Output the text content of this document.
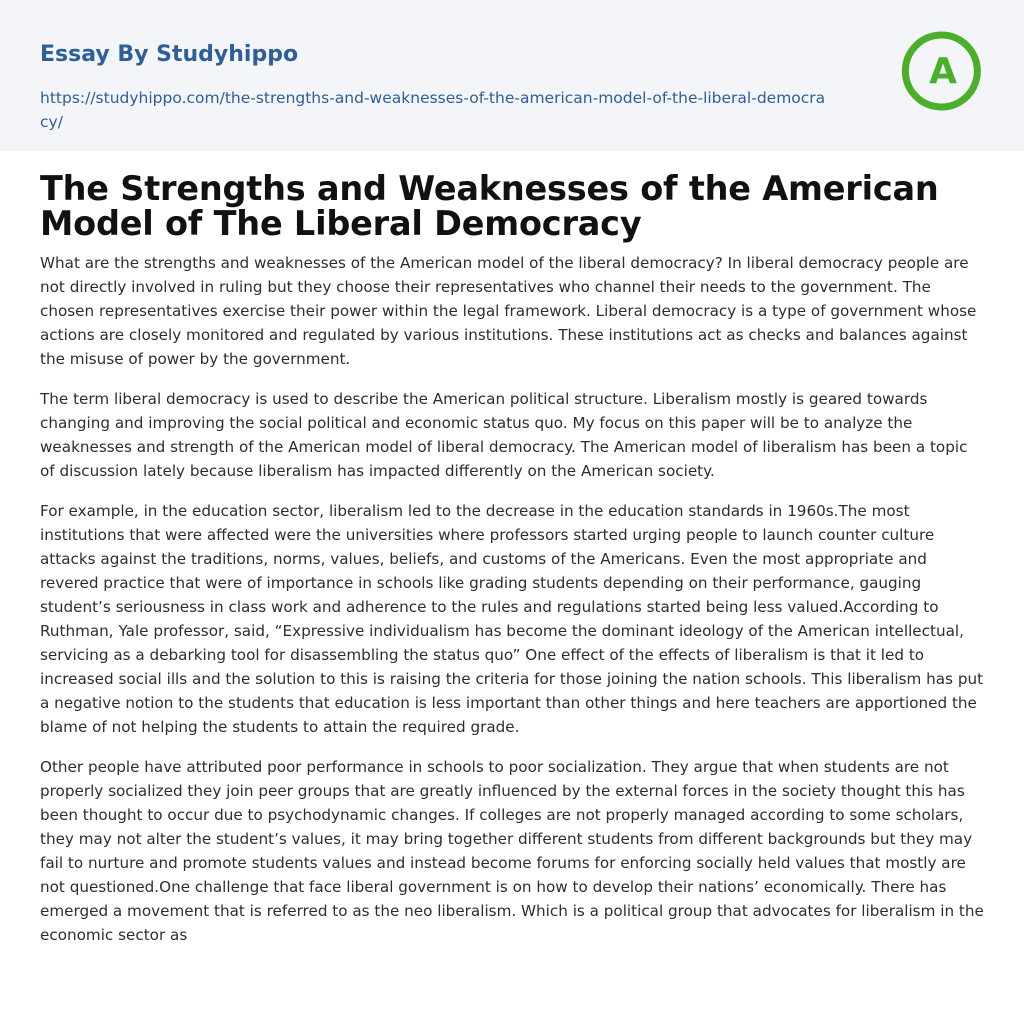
Essay By Studyhippo
https://studyhippo.com/the-strengths-and-weaknesses-of-the-american-model-of-the-liberal-democracy/
A
The Strengths and Weaknesses of the American Model of The Liberal Democracy

What are the strengths and weaknesses of the American model of the liberal democracy? In liberal democracy people are not directly involved in ruling but they choose their representatives who channel their needs to the government. The chosen representatives exercise their power within the legal framework. Liberal democracy is a type of government whose actions are closely monitored and regulated by various institutions. These institutions act as checks and balances against the misuse of power by the government.

The term liberal democracy is used to describe the American political structure. Liberalism mostly is geared towards changing and improving the social political and economic status quo. My focus on this paper will be to analyze the weaknesses and strength of the American model of liberal democracy. The American model of liberalism has been a topic of discussion lately because liberalism has impacted differently on the American society.

For example, in the education sector, liberalism led to the decrease in the education standards in 1960s.The most institutions that were affected were the universities where professors started urging people to launch counter culture attacks against the traditions, norms, values, beliefs, and customs of the Americans. Even the most appropriate and revered practice that were of importance in schools like grading students depending on their performance, gauging student’s seriousness in class work and adherence to the rules and regulations started being less valued.According to Ruthman, Yale professor, said, “Expressive individualism has become the dominant ideology of the American intellectual, servicing as a debarking tool for disassembling the status quo” One effect of the effects of liberalism is that it led to increased social ills and the solution to this is raising the criteria for those joining the nation schools. This liberalism has put a negative notion to the students that education is less important than other things and here teachers are apportioned the blame of not helping the students to attain the required grade.

Other people have attributed poor performance in schools to poor socialization. They argue that when students are not properly socialized they join peer groups that are greatly influenced by the external forces in the society thought this has been thought to occur due to psychodynamic changes. If colleges are not properly managed according to some scholars, they may not alter the student’s values, it may bring together different students from different backgrounds but they may fail to nurture and promote students values and instead become forums for enforcing socially held values that mostly are not questioned.One challenge that face liberal government is on how to develop their nations’ economically. There has emerged a movement that is referred to as the neo liberalism. Which is a political group that advocates for liberalism in the economic sector as
